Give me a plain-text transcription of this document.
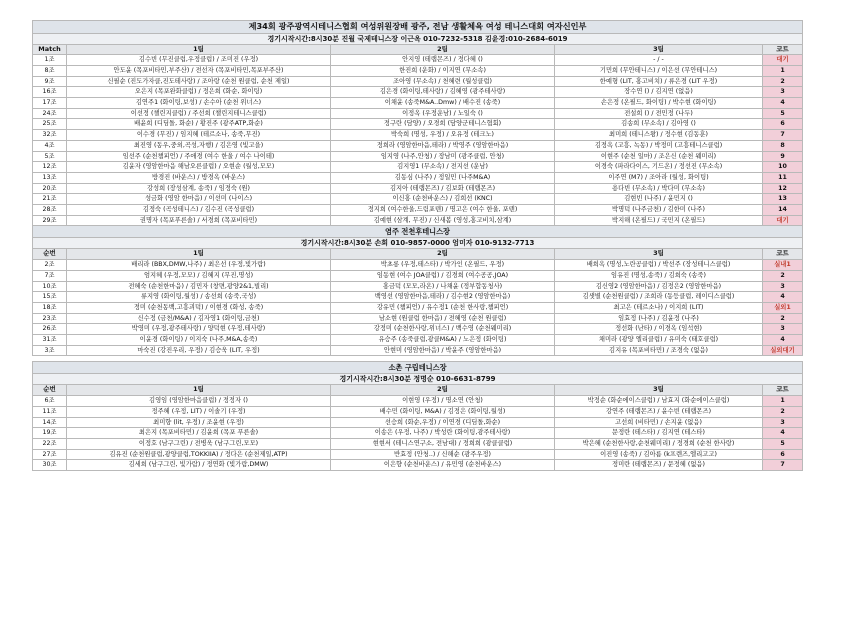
제34회 광주광역시테니스협회 여성위원장배 광주, 전남 생활체육 여성 테니스대회 여자신인부				
경기시작시간:8시30분 진월 국제테니스장 이근옥 010-7232-5318 김윤경:010-2684-6019				
Match	1팀	2팀	3팀	코트
1조	김수빈 (무진클럽,우정클럽) / 조미진 (우정)	안지영 (테랩몬즈) / 정다혜 ()	- / -	대기
8조	안도윤 (목포비타민,부주산) / 전선자 (목포비타민,목포부주산)	한진희 (운화) / 이지연 (무소속)	기민희 (무안테니스) / 이은선 (무안테니스)	1
9조	신필순 (진도가자클,진도테사랑) / 조아랑 (순천 원클럽, 순천 제일)	조아영 (무소속) / 천혜련 (월성클럽)	한예형 (LIT, 홍고비치) / 류은경 (LIT 우정)	2
16조	오은지 (목포완화클럽) / 정은희 (화순, 화이팅)	김은경 (화이팅,테사랑) / 김혜영 (광주테사랑)	장수연 () / 김지연 (없음)	3
17조	김연주1 (화이팅,보성) / 손수아 (순천 위너스)	이채윤 (송죽M&A..Dmw) / 배수진 (송죽)	손은정 (온필드, 화이팅) / 박수현 (화이팅)	4
24조	이선정 (챌린지클럽) / 주선희 (챌린지테니스클럽)	이정옥 (우정운남) / 노일숙 ()	전설희 () / 전민정 (나두)	5
25조	배윤희 (디딤돌, 화순) / 황진주 (광주ATP,화순)	정구란 (담양) / 오경희 (담양군테니스협회)	김송희 (무소속) / 김아영 ()	6
32조	이수경 (무진) / 임지혜 (테르소나, 송죽,무진)	박숙희 (명성, 우정) / 오유정 (테크노)	최미희 (테니스왕) / 정수현 (김동훈)	7
4조	최진영 (동우,중외,곡성,자행) / 김은영 (빛고을)	정희라 (영암한마음,테라) / 박영주 (영암한마음)	김정옥 (고흥, 녹동) / 박정미 (고흥테니스클럽)	8
5조	임선주 (순천챔피언) / 주애경 (여수 한울 / 여수 나이테)	임지영 (나주,안청) / 장남미 (광주클럽, 안청)	이현주 (순천 일마) / 조은신 (순천 웨미리)	9
12조	김윤자 (영암한마음 해남오른클럽) / 오현순 (월성,모모)	김지영1 (무소속) / 전지선 (운남)	이경숙 (파라다이스, 기드온) / 정선진 (무소속)	10
13조	방경진 (바운스) / 방경옥 (바운스)	김동심 (나주) / 정일민 (나주M&A)	이주연 (M7) / 조아라 (월성, 화이팅)	11
20조	강성희 (장성삼계, 송죽) / 임정숙 (원)	김지아 (테랩몬즈) / 김보화 (테랩몬즈)	용다빈 (무소속) / 박다미 (무소속)	12
21조	성금화 (영암 한마음) / 이선미 (나이스)	이신홍 (순천바운스) / 김희선 (KNC)	김현빈 (나주) / 윤민지 ()	13
28조	김정숙 (곡성테니스) / 김수진 (곡성클럽)	정지희 (여수한울,드림포텐) / 명고은 (여수 한울, 포텐)	박명덕 (나주금천) / 김한미 (나주)	14
29조	권명자 (목포푸른솔) / 서경희 (목포비타민)	김예현 (삼계, 무진) / 신새봄 (영성,홍고비치,삼계)	박지해 (온필드) / 국민지 (온필드)	대기
염주 전천후테니스장				
경기시작시간:8시30분 손희 010-9857-0000 엄미자 010-9132-7713				
순번	1팀	2팀	3팀	코트
2조	배리라 (BBX,DMW,나주) / 최은선 (우정,빛가람)	박초롱 (우정,테스타) / 박가인 (온필드, 우정)	배희옥 (명성,노란공클럽) / 박선주 (장성테니스클럽)	실내1
7조	엄지혜 (우정,모모) / 김혜지 (무진,명성)	임동현 (여수 JOA클럽) / 김경희 (여수공공,JOA)	임유진 (명성,송죽) / 김희숙 (송죽)	2
10조	전혜숙 (순천한마음) / 김민자 (창면,광양2&1,빌리)	홍금덕 (모모,라온) / 나채윤 (정부합동청사)	김신영2 (영암한마음) / 김정은2 (영암한마음)	3
15조	류지영 (화이팅,월성) / 송선희 (송죽,국성)	백영선 (영암한마음,테라) / 김수현2 (영암한마음)	김샛별 (순천원클럽) / 조희라 (동등클럽, 레이디스클럽)	4
18조	정미 (순천동백,고흥괴덕) / 이현경 (화성, 송죽)	강유민 (챔피언) / 유수정1 (순천 한사랑,챔피언)	최고은 (테르소나) / 이지희 (LIT)	실외1
23조	신수정 (금천/M&A) / 김자영1 (화이팅,금천)	남소현 (원클럽 한마음) / 전혜영 (순천 원클럽)	임효정 (나주) / 김윤정 (나주)	2
26조	박영미 (우정,광주테사랑) / 양덕현 (우정,테사랑)	강정미 (순천한사랑,위너스) / 백수영 (순천웨미리)	정선화 (난타) / 이경옥 (임석현)	3
31조	이윤경 (화이팅) / 이지숙 (나주,M&A,송죽)	유승주 (송죽클럽,광클M&A) / 노은정 (화이팅)	채미라 (광양 엘리클럽) / 유미숙 (태호클럽)	4
3조	마숙진 (강진우리, 우정) / 김승욱 (LIT, 우정)	안현미 (영암한마음) / 박윤주 (영암한마음)	김지유 (목포비타민) / 조경숙 (없음)	실외대기

소촌 구립테니스장				
경기시작시간:8시30분 정명순 010-6631-8799				
순번	1팀	2팀	3팀	코트
6조	김영임 (영암한마음클럽) / 정정자 ()	이현영 (우정) / 명소연 (안청)	박정순 (화순에이스클럽) / 남효지 (화순에이스클럽)	1
11조	정주혜 (우정, LIT) / 이솔기 (우정)	배수민 (화이팅, M&A) / 김정은 (화이팅,월성)	강연주 (테랩몬즈) / 윤수빈 (테랩몬즈)	2
14조	최미향 (lit, 우정) / 조윤현 (우정)	선승희 (화순,우정) / 이연경 (디딤돌,화순)	고선희 (비타민) / 손지윤 (없음)	3
19조	최은지 (목포비타민) / 김윤희 (목포 푸른솔)	이송은 (우정, 나주) / 박성란 (화이팅,광주테사랑)	문정란 (테스타) / 김지연 (테스타)	4
22조	이정호 (남구그린) / 전병욱 (남구그린,모모)	현현서 (테니스연구소, 전남대) / 정희희 (광클클럽)	박은혜 (순천한사랑,순천웨미리) / 정경희 (순천 한사랑)	5
27조	김유진 (순천원클럽,광양클럽,TOKKIIA) / 정다은 (순천제일,ATP)	반효정 (안청..) / 신해순 (광주우정)	이진영 (송죽) / 김아름 (k프렌즈,엘리고고)	6
30조	김세희 (남구그린, 빛가람) / 정연화 (빛가람,DMW)	이은향 (순천바운스) / 유민영 (순천바운스)	정미란 (테랩몬즈) / 문정혜 (없음)	7
